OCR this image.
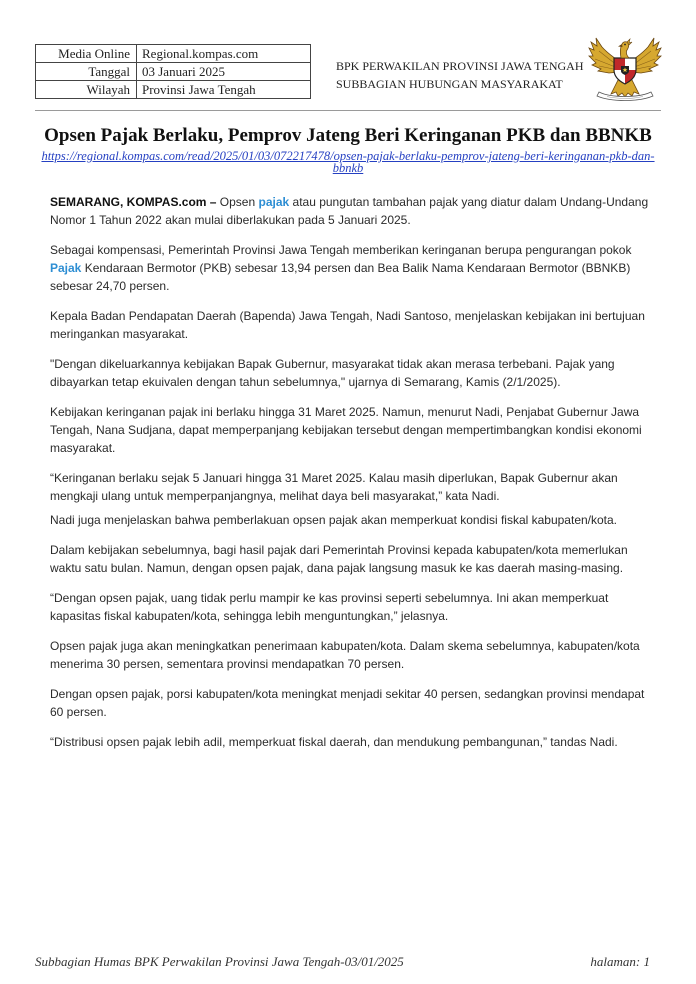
Media Online	Regional.kompas.com
Tanggal	03 Januari 2025
Wilayah	Provinsi Jawa Tengah
BPK PERWAKILAN PROVINSI JAWA TENGAH
SUBBAGIAN HUBUNGAN MASYARAKAT
Opsen Pajak Berlaku, Pemprov Jateng Beri Keringanan PKB dan BBNKB
https://regional.kompas.com/read/2025/01/03/072217478/opsen-pajak-berlaku-pemprov-jateng-beri-keringanan-pkb-dan-
bbnkb

SEMARANG, KOMPAS.com – Opsen pajak atau pungutan tambahan pajak yang diatur dalam Undang-Undang
Nomor 1 Tahun 2022 akan mulai diberlakukan pada 5 Januari 2025.

Sebagai kompensasi, Pemerintah Provinsi Jawa Tengah memberikan keringanan berupa pengurangan pokok
Pajak Kendaraan Bermotor (PKB) sebesar 13,94 persen dan Bea Balik Nama Kendaraan Bermotor (BBNKB)
sebesar 24,70 persen.

Kepala Badan Pendapatan Daerah (Bapenda) Jawa Tengah, Nadi Santoso, menjelaskan kebijakan ini bertujuan
meringankan masyarakat.

"Dengan dikeluarkannya kebijakan Bapak Gubernur, masyarakat tidak akan merasa terbebani. Pajak yang
dibayarkan tetap ekuivalen dengan tahun sebelumnya," ujarnya di Semarang, Kamis (2/1/2025).

Kebijakan keringanan pajak ini berlaku hingga 31 Maret 2025. Namun, menurut Nadi, Penjabat Gubernur Jawa
Tengah, Nana Sudjana, dapat memperpanjang kebijakan tersebut dengan mempertimbangkan kondisi ekonomi
masyarakat.

“Keringanan berlaku sejak 5 Januari hingga 31 Maret 2025. Kalau masih diperlukan, Bapak Gubernur akan
mengkaji ulang untuk memperpanjangnya, melihat daya beli masyarakat,” kata Nadi.

Nadi juga menjelaskan bahwa pemberlakuan opsen pajak akan memperkuat kondisi fiskal kabupaten/kota.

Dalam kebijakan sebelumnya, bagi hasil pajak dari Pemerintah Provinsi kepada kabupaten/kota memerlukan
waktu satu bulan. Namun, dengan opsen pajak, dana pajak langsung masuk ke kas daerah masing-masing.

“Dengan opsen pajak, uang tidak perlu mampir ke kas provinsi seperti sebelumnya. Ini akan memperkuat
kapasitas fiskal kabupaten/kota, sehingga lebih menguntungkan,” jelasnya.

Opsen pajak juga akan meningkatkan penerimaan kabupaten/kota. Dalam skema sebelumnya, kabupaten/kota
menerima 30 persen, sementara provinsi mendapatkan 70 persen.

Dengan opsen pajak, porsi kabupaten/kota meningkat menjadi sekitar 40 persen, sedangkan provinsi mendapat
60 persen.

“Distribusi opsen pajak lebih adil, memperkuat fiskal daerah, dan mendukung pembangunan,” tandas Nadi.

Subbagian Humas BPK Perwakilan Provinsi Jawa Tengah-03/01/2025	halaman: 1
